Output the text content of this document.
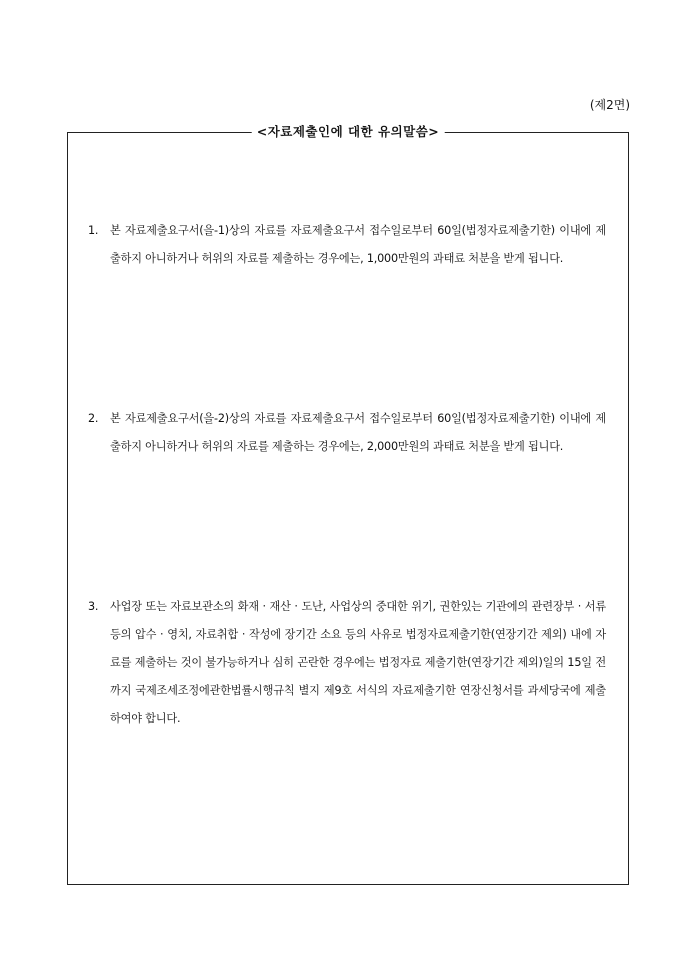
(제2면)
<자료제출인에 대한 유의말씀>
1. 본 자료제출요구서(을-1)상의 자료를 자료제출요구서 접수일로부터 60일(법정자료제출기한) 이내에 제출하지 아니하거나 허위의 자료를 제출하는 경우에는, 1,000만원의 과태료 처분을 받게 됩니다.
2. 본 자료제출요구서(을-2)상의 자료를 자료제출요구서 접수일로부터 60일(법정자료제출기한) 이내에 제출하지 아니하거나 허위의 자료를 제출하는 경우에는, 2,000만원의 과태료 처분을 받게 됩니다.
3. 사업장 또는 자료보관소의 화재 · 재산 · 도난, 사업상의 중대한 위기, 권한있는 기관에의 관련장부 · 서류 등의 압수 · 영치, 자료취합 · 작성에 장기간 소요 등의 사유로 법정자료제출기한(연장기간 제외) 내에 자료를 제출하는 것이 불가능하거나 심히 곤란한 경우에는 법정자료 제출기한(연장기간 제외)일의 15일 전까지 국제조세조정에관한법률시행규칙 별지 제9호 서식의 자료제출기한 연장신청서를 과세당국에 제출하여야 합니다.
